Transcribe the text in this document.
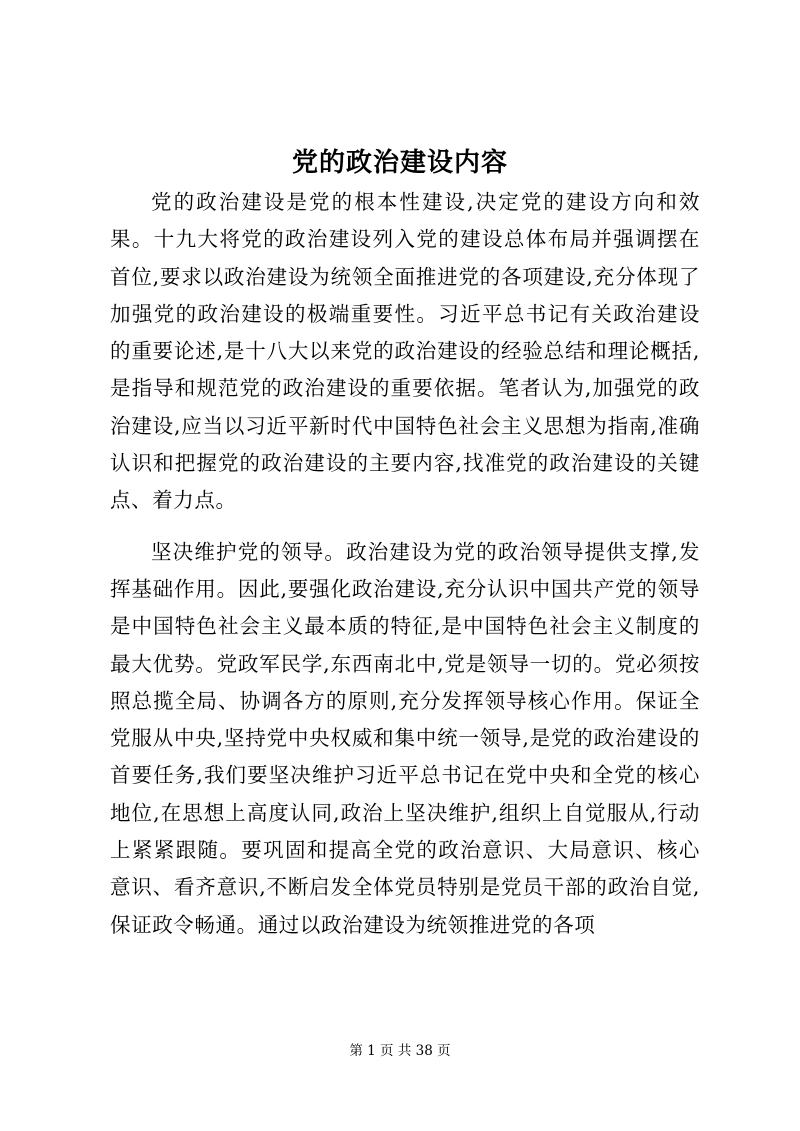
党的政治建设内容

党的政治建设是党的根本性建设,决定党的建设方向和效果。十九大将党的政治建设列入党的建设总体布局并强调摆在首位,要求以政治建设为统领全面推进党的各项建设,充分体现了加强党的政治建设的极端重要性。习近平总书记有关政治建设的重要论述,是十八大以来党的政治建设的经验总结和理论概括,是指导和规范党的政治建设的重要依据。笔者认为,加强党的政治建设,应当以习近平新时代中国特色社会主义思想为指南,准确认识和把握党的政治建设的主要内容,找准党的政治建设的关键点、着力点。

坚决维护党的领导。政治建设为党的政治领导提供支撑,发挥基础作用。因此,要强化政治建设,充分认识中国共产党的领导是中国特色社会主义最本质的特征,是中国特色社会主义制度的最大优势。党政军民学,东西南北中,党是领导一切的。党必须按照总揽全局、协调各方的原则,充分发挥领导核心作用。保证全党服从中央,坚持党中央权威和集中统一领导,是党的政治建设的首要任务,我们要坚决维护习近平总书记在党中央和全党的核心地位,在思想上高度认同,政治上坚决维护,组织上自觉服从,行动上紧紧跟随。要巩固和提高全党的政治意识、大局意识、核心意识、看齐意识,不断启发全体党员特别是党员干部的政治自觉,保证政令畅通。通过以政治建设为统领推进党的各项

第 1 页 共 38 页
